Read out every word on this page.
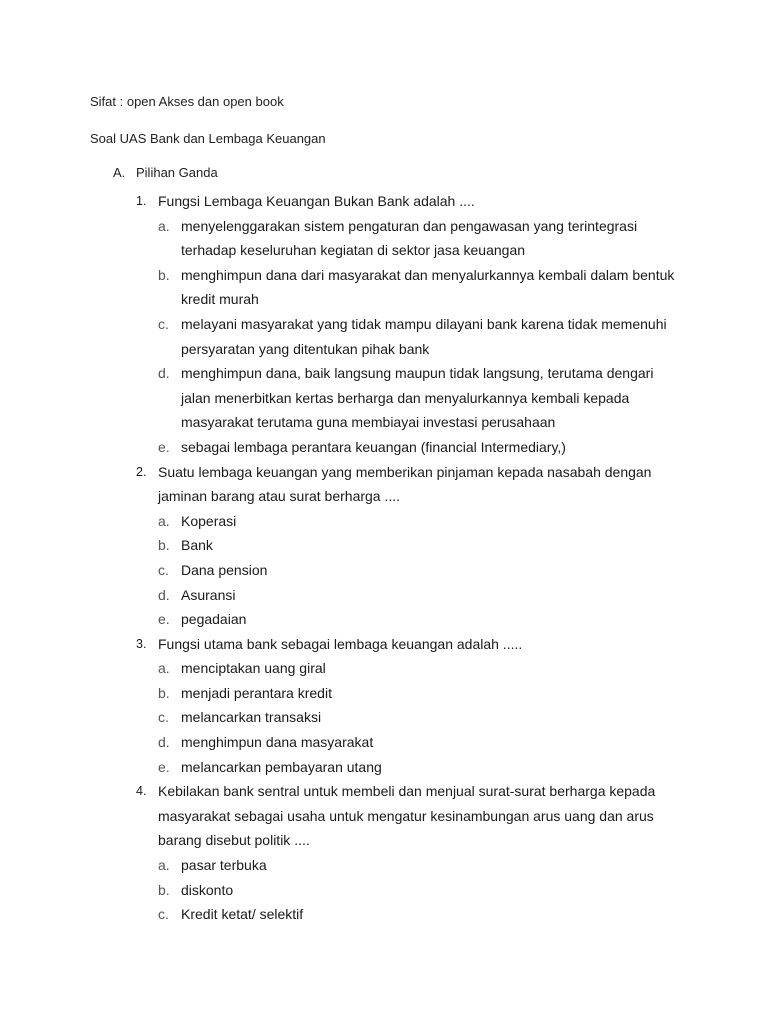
Sifat : open Akses dan open book
Soal UAS Bank dan Lembaga Keuangan
A. Pilihan Ganda
1. Fungsi Lembaga Keuangan Bukan Bank adalah ....
a. menyelenggarakan sistem pengaturan dan pengawasan yang terintegrasi terhadap keseluruhan kegiatan di sektor jasa keuangan
b. menghimpun dana dari masyarakat dan menyalurkannya kembali dalam bentuk kredit murah
c. melayani masyarakat yang tidak mampu dilayani bank karena tidak memenuhi persyaratan yang ditentukan pihak bank
d. menghimpun dana, baik langsung maupun tidak langsung, terutama dengari jalan menerbitkan kertas berharga dan menyalurkannya kembali kepada masyarakat terutama guna membiayai investasi perusahaan
e. sebagai lembaga perantara keuangan (financial Intermediary,)
2. Suatu lembaga keuangan yang memberikan pinjaman kepada nasabah dengan jaminan barang atau surat berharga ....
a. Koperasi
b. Bank
c. Dana pension
d. Asuransi
e. pegadaian
3. Fungsi utama bank sebagai lembaga keuangan adalah .....
a. menciptakan uang giral
b. menjadi perantara kredit
c. melancarkan transaksi
d. menghimpun dana masyarakat
e. melancarkan pembayaran utang
4. Kebilakan bank sentral untuk membeli dan menjual surat-surat berharga kepada masyarakat sebagai usaha untuk mengatur kesinambungan arus uang dan arus barang disebut politik ....
a. pasar terbuka
b. diskonto
c. Kredit ketat/ selektif
